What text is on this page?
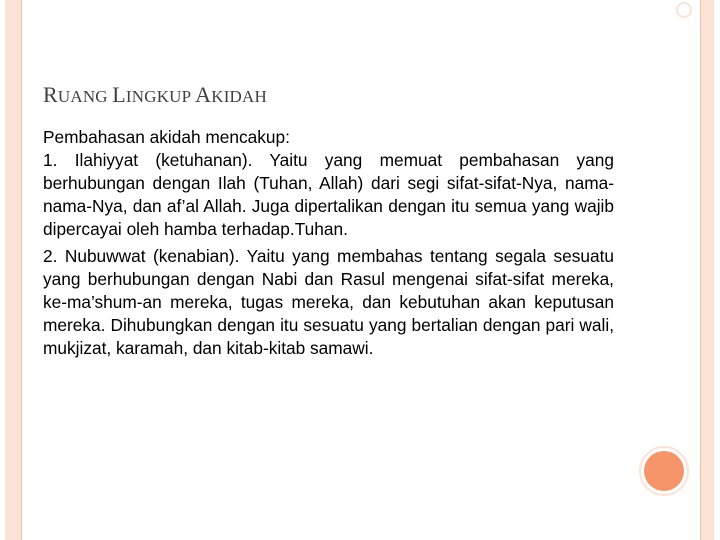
RUANG LINGKUP AKIDAH

Pembahasan akidah mencakup:

1. Ilahiyyat (ketuhanan). Yaitu yang memuat pembahasan yang berhubungan dengan Ilah (Tuhan, Allah) dari segi sifat-sifat-Nya, nama-nama-Nya, dan af’al Allah. Juga dipertalikan dengan itu semua yang wajib dipercayai oleh hamba terhadap.Tuhan.

2. Nubuwwat (kenabian). Yaitu yang membahas tentang segala sesuatu yang berhubungan dengan Nabi dan Rasul mengenai sifat-sifat mereka, ke-ma’shum-an mereka, tugas mereka, dan kebutuhan akan keputusan mereka. Dihubungkan dengan itu sesuatu yang bertalian dengan pari wali, mukjizat, karamah, dan kitab-kitab samawi.
